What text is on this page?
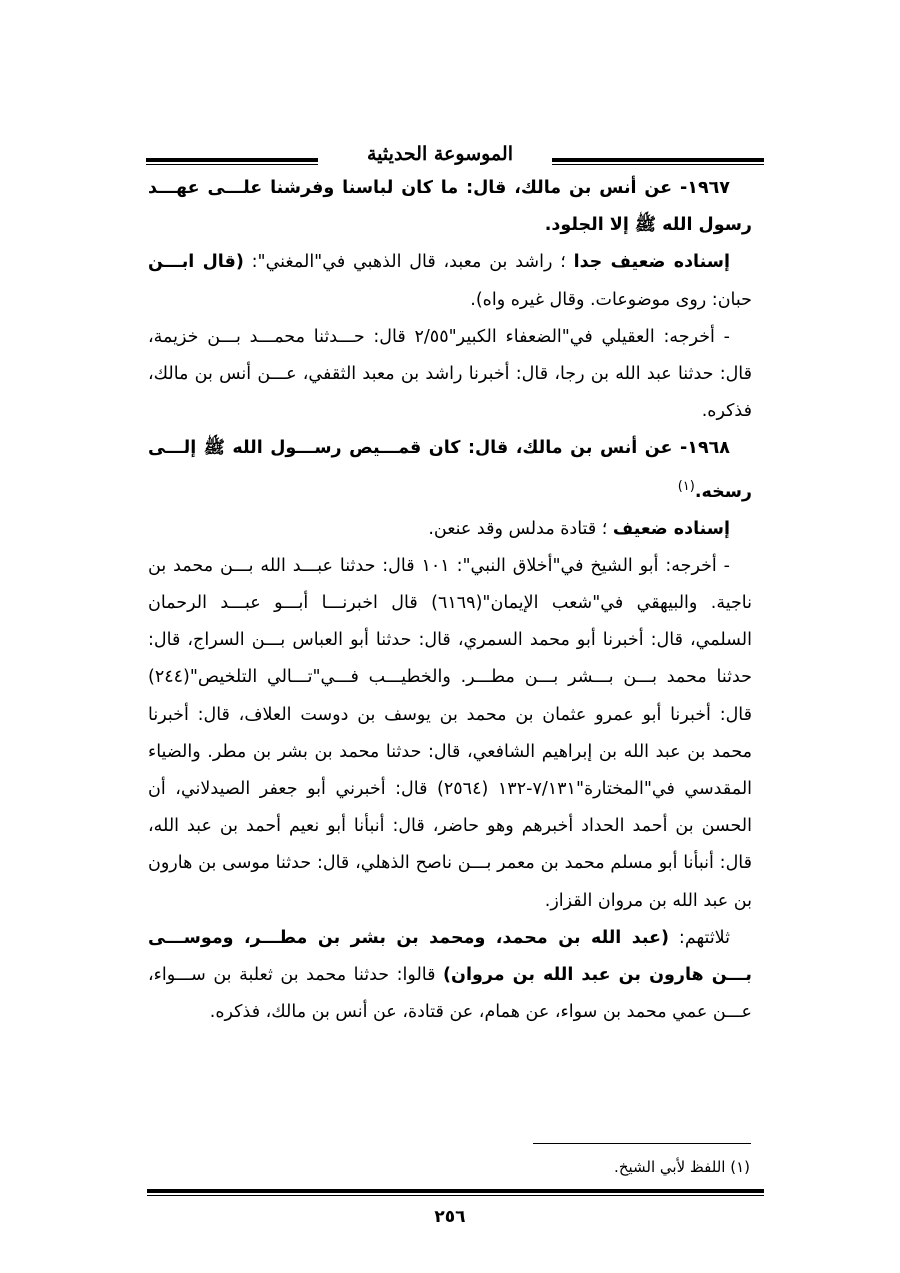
الموسوعة الحديثية

١٩٦٧- عن أنس بن مالك، قال: ما كان لباسنا وفرشنا علـــى عهـــد رسول الله ﷺ إلا الجلود.

إسناده ضعيف جدا ؛ راشد بن معبد، قال الذهبي في"المغني": (قال ابـــن حبان: روى موضوعات. وقال غيره واه).

- أخرجه: العقيلي في"الضعفاء الكبير"٢/٥٥ قال: حـــدثنا محمـــد بـــن خزيمة، قال: حدثنا عبد الله بن رجا، قال: أخبرنا راشد بن معبد الثقفي، عـــن أنس بن مالك، فذكره.

١٩٦٨- عن أنس بن مالك، قال: كان قمـــيص رســـول الله ﷺ إلـــى رسخه.$^{(١)}$

إسناده ضعيف ؛ قتادة مدلس وقد عنعن.

- أخرجه: أبو الشيخ في"أخلاق النبي": ١٠١ قال: حدثنا عبـــد الله بـــن محمد بن ناجية. والبيهقي في"شعب الإيمان"(٦١٦٩) قال اخبرنـــا أبـــو عبـــد الرحمان السلمي، قال: أخبرنا أبو محمد السمري، قال: حدثنا أبو العباس بـــن السراج، قال: حدثنا محمد بـــن بـــشر بـــن مطـــر. والخطيـــب فـــي"تـــالي التلخيص"(٢٤٤) قال: أخبرنا أبو عمرو عثمان بن محمد بن يوسف بن دوست العلاف، قال: أخبرنا محمد بن عبد الله بن إبراهيم الشافعي، قال: حدثنا محمد بن بشر بن مطر. والضياء المقدسي في"المختارة"٧/١٣١-١٣٢ (٢٥٦٤) قال: أخبرني أبو جعفر الصيدلاني، أن الحسن بن أحمد الحداد أخبرهم وهو حاضر، قال: أنبأنا أبو نعيم أحمد بن عبد الله، قال: أنبأنا أبو مسلم محمد بن معمر بـــن ناصح الذهلي، قال: حدثنا موسى بن هارون بن عبد الله بن مروان القزاز.

ثلاثتهم: (عبد الله بن محمد، ومحمد بن بشر بن مطـــر، وموســـى بـــن هارون بن عبد الله بن مروان) قالوا: حدثنا محمد بن ثعلبة بن ســـواء، عـــن عمي محمد بن سواء، عن همام، عن قتادة، عن أنس بن مالك، فذكره.

(١) اللفظ لأبي الشيخ.
٢٥٦
